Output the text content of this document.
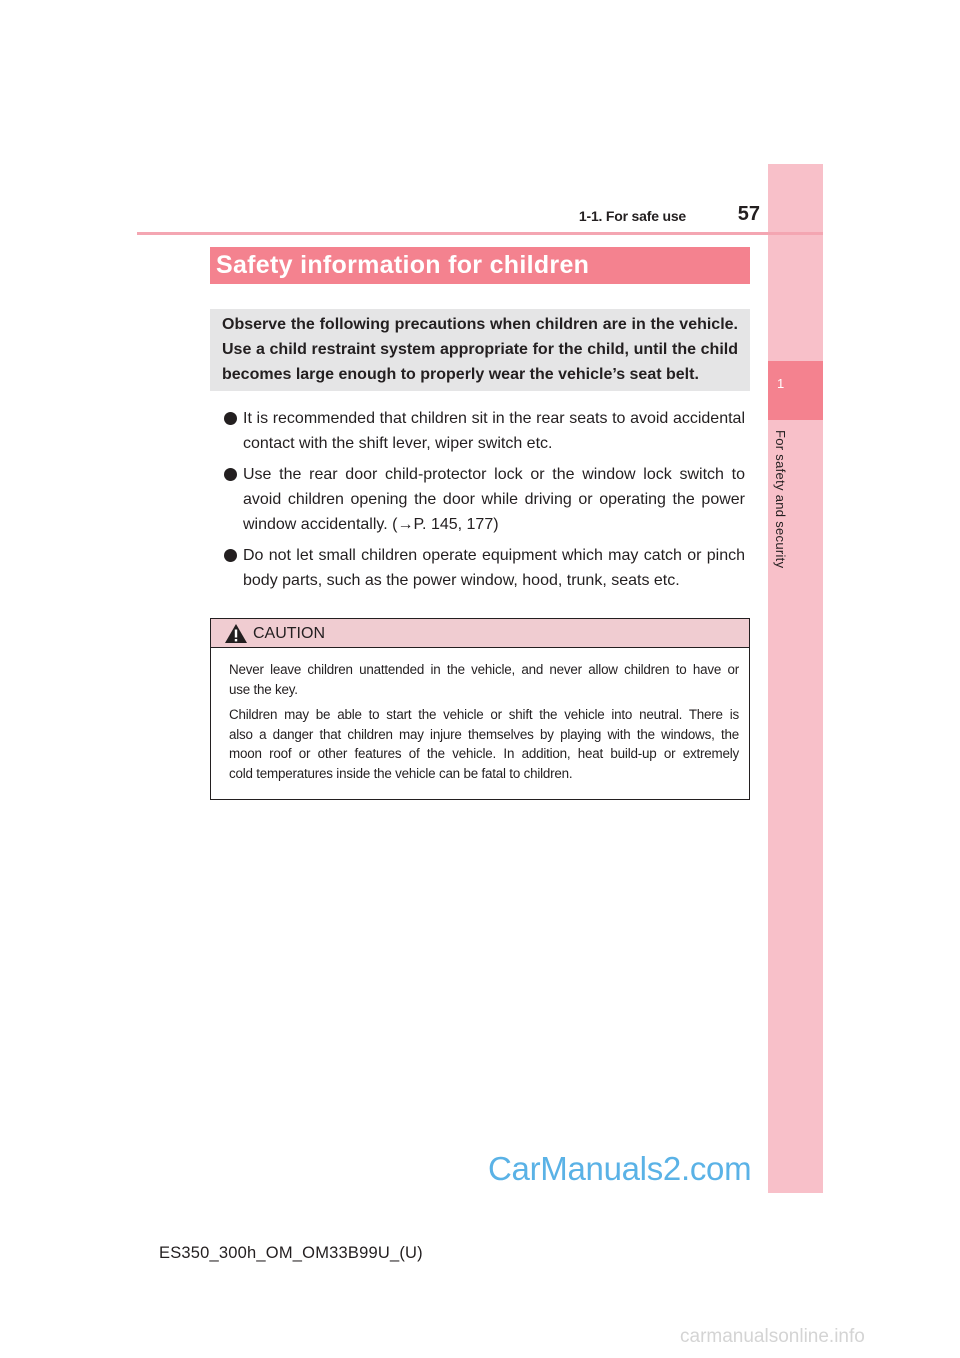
1
For safety and security
1-1. For safe use	57
Safety information for children
Observe the following precautions when children are in the vehicle.
Use a child restraint system appropriate for the child, until the child
becomes large enough to properly wear the vehicle’s seat belt.
It is recommended that children sit in the rear seats to avoid accidental
contact with the shift lever, wiper switch etc.
Use the rear door child-protector lock or the window lock switch to
avoid children opening the door while driving or operating the power
window accidentally. (→P. 145, 177)
Do not let small children operate equipment which may catch or pinch
body parts, such as the power window, hood, trunk, seats etc.
CAUTION
Never leave children unattended in the vehicle, and never allow children to have or
use the key.
Children may be able to start the vehicle or shift the vehicle into neutral. There is
also a danger that children may injure themselves by playing with the windows, the
moon roof or other features of the vehicle. In addition, heat build-up or extremely
cold temperatures inside the vehicle can be fatal to children.
CarManuals2.com
ES350_300h_OM_OM33B99U_(U)
carmanualsonline.info
